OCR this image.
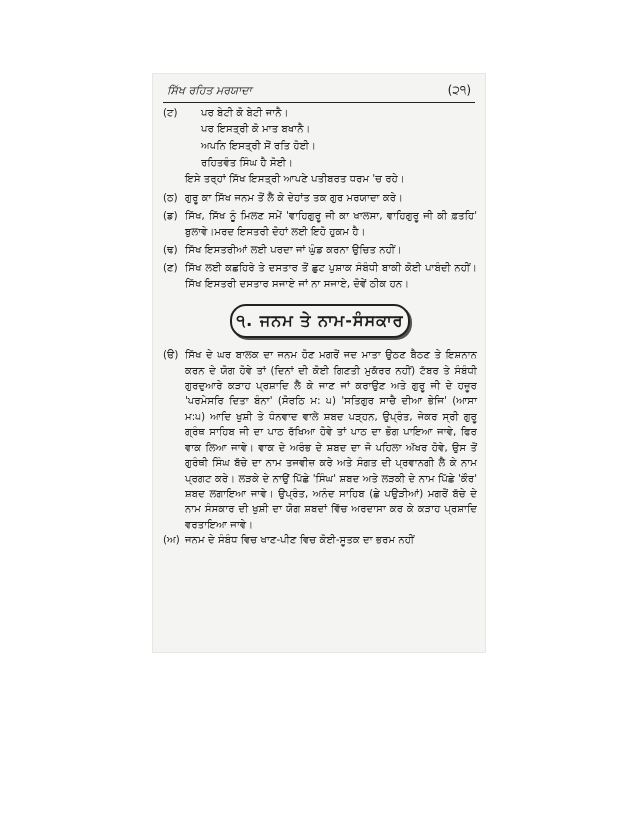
ਸਿੱਖ ਰਹਿਤ ਮਰਯਾਦਾ	(੨੧)
(ਟ)	ਪਰ ਬੇਟੀ ਕੋ ਬੇਟੀ ਜਾਨੈ।
ਪਰ ਇਸਤ੍ਰੀ ਕੋ ਮਾਤ ਬਖਾਨੈ।
ਅਪਨਿ ਇਸਤ੍ਰੀ ਸੋਂ ਰਤਿ ਹੋਈ।
ਰਹਿਤਵੰਤ ਸਿੰਘ ਹੈ ਸੋਈ।
ਇਸੇ ਤਰ੍ਹਾਂ ਸਿੱਖ ਇਸਤ੍ਰੀ ਆਪਣੇ ਪਤੀਬਰਤ ਧਰਮ 'ਚ ਰਹੇ।
(ਠ) ਗੁਰੂ ਕਾ ਸਿੱਖ ਜਨਮ ਤੋਂ ਲੈ ਕੇ ਦੇਹਾਂਤ ਤਕ ਗੁਰ ਮਰਯਾਦਾ ਕਰੇ।
(ਡ) ਸਿੱਖ, ਸਿੱਖ ਨੂੰ ਮਿਲਣ ਸਮੇਂ 'ਵਾਹਿਗੁਰੂ ਜੀ ਕਾ ਖਾਲਸਾ, ਵਾਹਿਗੁਰੂ ਜੀ ਕੀ ਫ਼ਤਹਿ' ਬੁਲਾਵੇ।ਮਰਦ ਇਸਤਰੀ ਦੋਹਾਂ ਲਈ ਇਹੋ ਹੁਕਮ ਹੈ।
(ਢ) ਸਿੱਖ ਇਸਤਰੀਆਂ ਲਈ ਪਰਦਾ ਜਾਂ ਘੁੰਡ ਕਰਨਾ ਉਚਿਤ ਨਹੀਂ।
(ਣ) ਸਿੱਖ ਲਈ ਕਛਹਿਰੇ ਤੇ ਦਸਤਾਰ ਤੋਂ ਛੁਟ ਪੁਸ਼ਾਕ ਸੰਬੰਧੀ ਬਾਕੀ ਕੋਈ ਪਾਬੰਦੀ ਨਹੀਂ। ਸਿੱਖ ਇਸਤਰੀ ਦਸਤਾਰ ਸਜਾਏ ਜਾਂ ਨਾ ਸਜਾਏ, ਦੋਵੇਂ ਠੀਕ ਹਨ।
੧. ਜਨਮ ਤੇ ਨਾਮ-ਸੰਸਕਾਰ
(ੳ) ਸਿੱਖ ਦੇ ਘਰ ਬਾਲਕ ਦਾ ਜਨਮ ਹੋਣ ਮਗਰੋਂ ਜਦ ਮਾਤਾ ਉਠਣ ਬੈਠਣ ਤੇ ਇਸ਼ਨਾਨ ਕਰਨ ਦੇ ਯੋਗ ਹੋਵੇ ਤਾਂ (ਦਿਨਾਂ ਦੀ ਕੋਈ ਗਿਣਤੀ ਮੁਕੱਰਰ ਨਹੀਂ) ਟੱਬਰ ਤੇ ਸੰਬੰਧੀ ਗੁਰਦੁਆਰੇ ਕੜਾਹ ਪ੍ਰਸ਼ਾਦਿ ਲੈ ਕੇ ਜਾਣ ਜਾਂ ਕਰਾਉਣ ਅਤੇ ਗੁਰੂ ਜੀ ਦੇ ਹਜ਼ੂਰ 'ਪਰਮੇਸਰਿ ਦਿਤਾ ਬੰਨਾ' (ਸੋਰਠਿ ਮ: ੫) 'ਸਤਿਗੁਰ ਸਾਚੈ ਦੀਆ ਭੇਜਿ' (ਆਸਾ ਮ:੫) ਆਦਿ ਖੁਸ਼ੀ ਤੇ ਧੰਨਵਾਦ ਵਾਲੇ ਸ਼ਬਦ ਪੜ੍ਹਨ, ਉਪ੍ਰੰਤ, ਜੇਕਰ ਸ੍ਰੀ ਗੁਰੂ ਗ੍ਰੰਥ ਸਾਹਿਬ ਜੀ ਦਾ ਪਾਠ ਰੱਖਿਆ ਹੋਵੇ ਤਾਂ ਪਾਠ ਦਾ ਭੋਗ ਪਾਇਆ ਜਾਵੇ, ਫਿਰ ਵਾਕ ਲਿਆ ਜਾਵੇ। ਵਾਕ ਦੇ ਅਰੰਭ ਦੇ ਸ਼ਬਦ ਦਾ ਜੋ ਪਹਿਲਾ ਅੱਖਰ ਹੋਵੇ, ਉਸ ਤੋਂ ਗੁਰੰਥੀ ਸਿੰਘ ਬੱਚੇ ਦਾ ਨਾਮ ਤਜਵੀਜ਼ ਕਰੇ ਅਤੇ ਸੰਗਤ ਦੀ ਪ੍ਰਵਾਨਗੀ ਲੈ ਕੇ ਨਾਮ ਪ੍ਰਗਟ ਕਰੇ। ਲੜਕੇ ਦੇ ਨਾਉਂ ਪਿੱਛੇ 'ਸਿੰਘ' ਸ਼ਬਦ ਅਤੇ ਲੜਕੀ ਦੇ ਨਾਮ ਪਿੱਛੇ 'ਕੌਰ' ਸ਼ਬਦ ਲਗਾਇਆ ਜਾਵੇ। ਉਪ੍ਰੰਤ, ਅਨੰਦ ਸਾਹਿਬ (ਛੇ ਪਉੜੀਆਂ) ਮਗਰੋਂ ਬੱਚੇ ਦੇ ਨਾਮ ਸੰਸਕਾਰ ਦੀ ਖੁਸ਼ੀ ਦਾ ਯੋਗ ਸ਼ਬਦਾਂ ਵਿੱਚ ਅਰਦਾਸਾ ਕਰ ਕੇ ਕੜਾਹ ਪ੍ਰਸ਼ਾਦਿ ਵਰਤਾਇਆ ਜਾਵੇ।
(ਅ) ਜਨਮ ਦੇ ਸੰਬੰਧ ਵਿਚ ਖਾਣ-ਪੀਣ ਵਿਚ ਕੋਈ-ਸੂਤਕ ਦਾ ਭਰਮ ਨਹੀਂ
